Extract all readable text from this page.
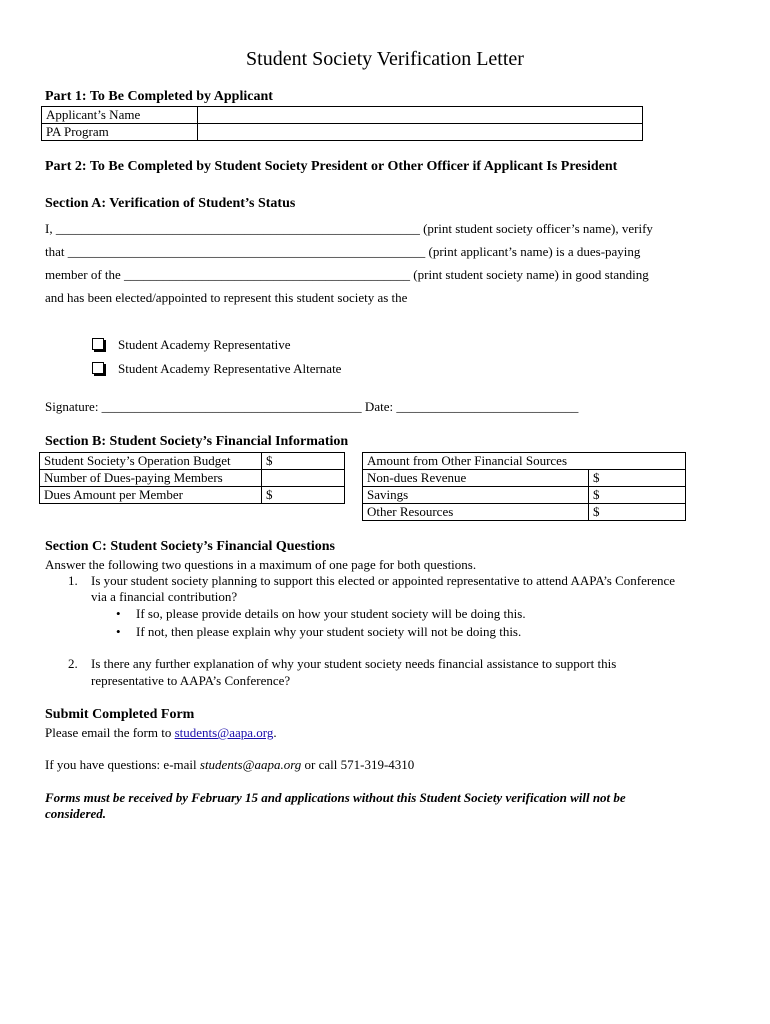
Student Society Verification Letter
Part 1: To Be Completed by Applicant
Applicant’s Name	
PA Program	
Part 2: To Be Completed by Student Society President or Other Officer if Applicant Is President
Section A: Verification of Student’s Status
I, ________________________________________________________ (print student society officer’s name), verify
that _______________________________________________________ (print applicant’s name) is a dues-paying
member of the ____________________________________________ (print student society name) in good standing
and has been elected/appointed to represent this student society as the
Student Academy Representative
Student Academy Representative Alternate
Signature: ________________________________________ Date: ____________________________
Section B: Student Society’s Financial Information
Student Society’s Operation Budget	$
Number of Dues-paying Members	
Dues Amount per Member	$
Amount from Other Financial Sources	
Non-dues Revenue	$
Savings	$
Other Resources	$
Section C: Student Society’s Financial Questions
Answer the following two questions in a maximum of one page for both questions.
1. Is your student society planning to support this elected or appointed representative to attend AAPA’s Conference
via a financial contribution?
• If so, please provide details on how your student society will be doing this.
• If not, then please explain why your student society will not be doing this.
2. Is there any further explanation of why your student society needs financial assistance to support this
representative to AAPA’s Conference?
Submit Completed Form
Please email the form to students@aapa.org.
If you have questions: e-mail students@aapa.org or call 571-319-4310
Forms must be received by February 15 and applications without this Student Society verification will not be
considered.
